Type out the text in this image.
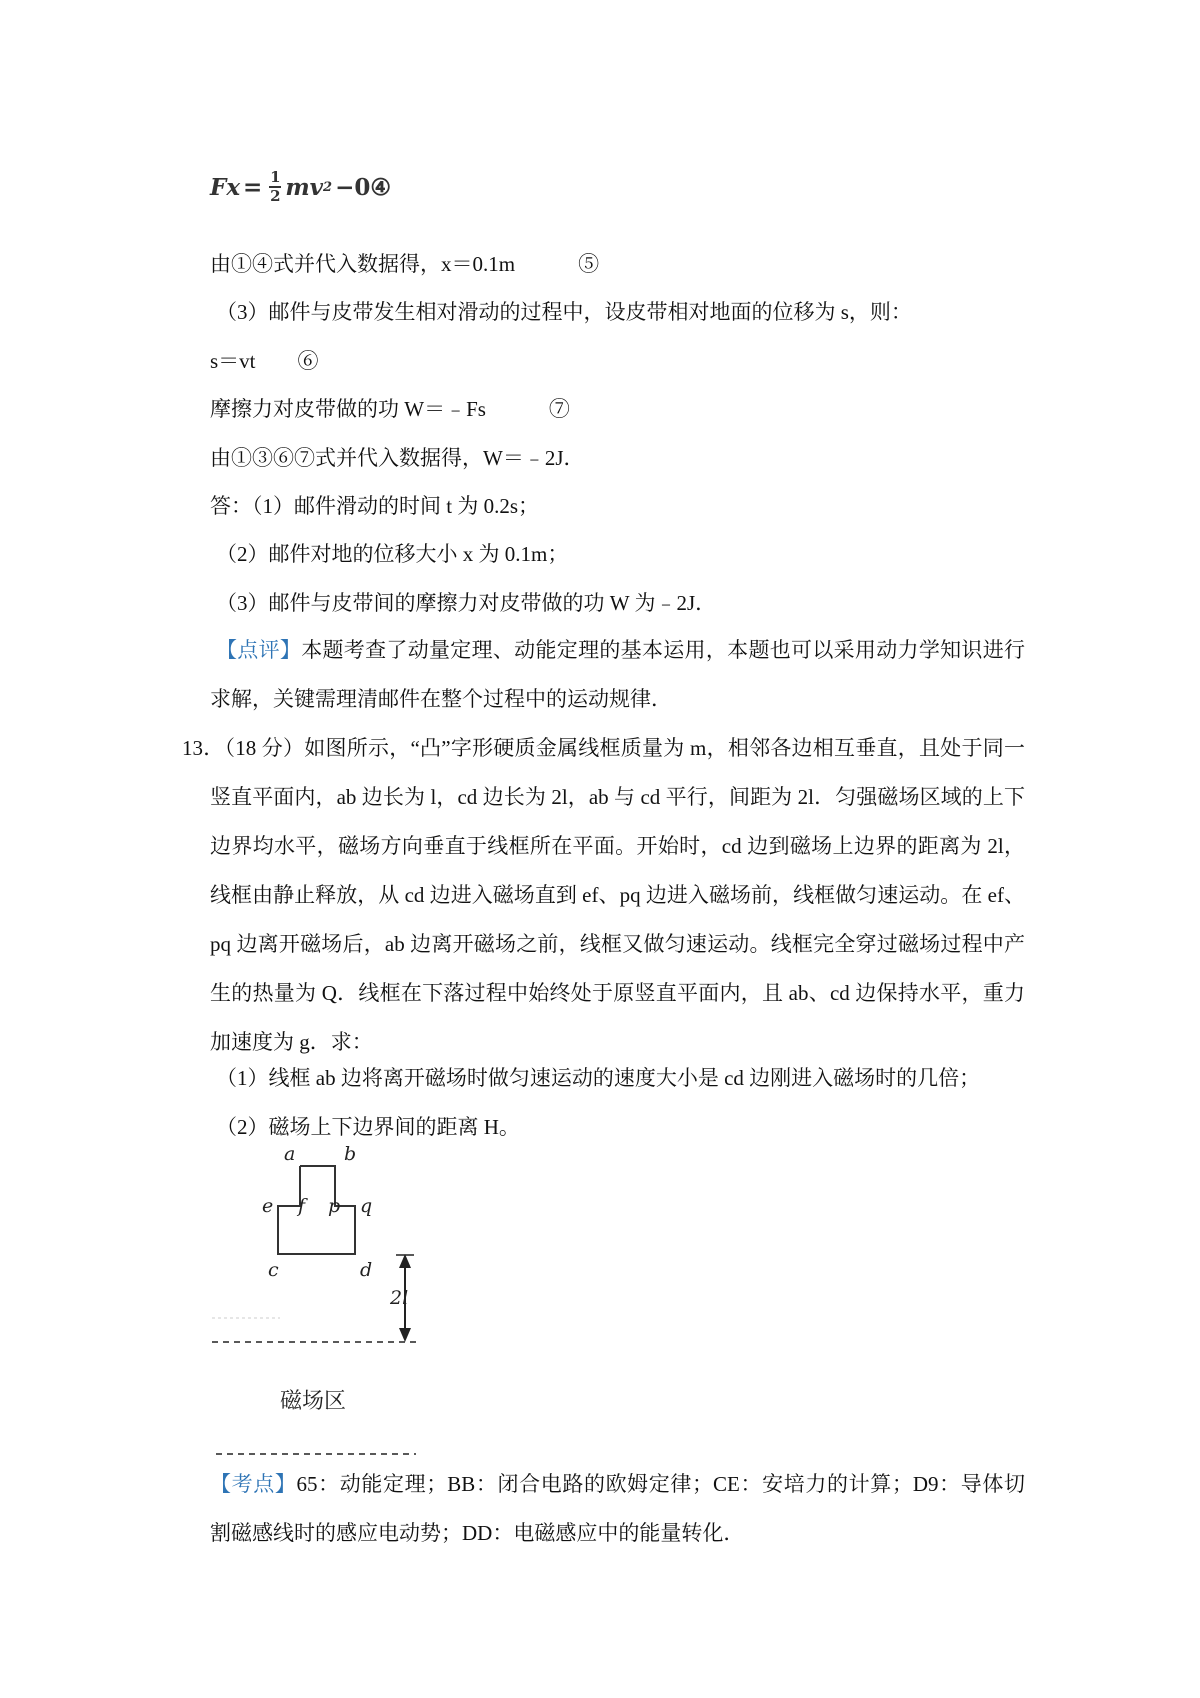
$Fx = \frac{1}{2}$ mv 2 −0④
由①④式并代入数据得，x＝0.1m　　　⑤
（3）邮件与皮带发生相对滑动的过程中，设皮带相对地面的位移为 s，则：
s＝vt　　⑥
摩擦力对皮带做的功 W＝﹣Fs　　　⑦
由①③⑥⑦式并代入数据得，W＝﹣2J．
答：（1）邮件滑动的时间 t 为 0.2s；
（2）邮件对地的位移大小 x 为 0.1m；
（3）邮件与皮带间的摩擦力对皮带做的功 W 为﹣2J．
【点评】本题考查了动量定理、动能定理的基本运用，本题也可以采用动力学知识进行求解，关键需理清邮件在整个过程中的运动规律．
13．（18 分）如图所示，“凸”字形硬质金属线框质量为 m，相邻各边相互垂直，且处于同一竖直平面内，ab 边长为 l，cd 边长为 2l，ab 与 cd 平行，间距为 2l．匀强磁场区域的上下边界均水平，磁场方向垂直于线框所在平面。开始时，cd 边到磁场上边界的距离为 2l，线框由静止释放，从 cd 边进入磁场直到 ef、pq 边进入磁场前，线框做匀速运动。在 ef、pq 边离开磁场后，ab 边离开磁场之前，线框又做匀速运动。线框完全穿过磁场过程中产生的热量为 Q．线框在下落过程中始终处于原竖直平面内，且 ab、cd 边保持水平，重力加速度为 g．求：
（1）线框 ab 边将离开磁场时做匀速运动的速度大小是 cd 边刚进入磁场时的几倍；
（2）磁场上下边界间的距离 H。
a	b
e f p q
c	d
2l
磁场区
【考点】65：动能定理；BB：闭合电路的欧姆定律；CE：安培力的计算；D9：导体切割磁感线时的感应电动势；DD：电磁感应中的能量转化．
